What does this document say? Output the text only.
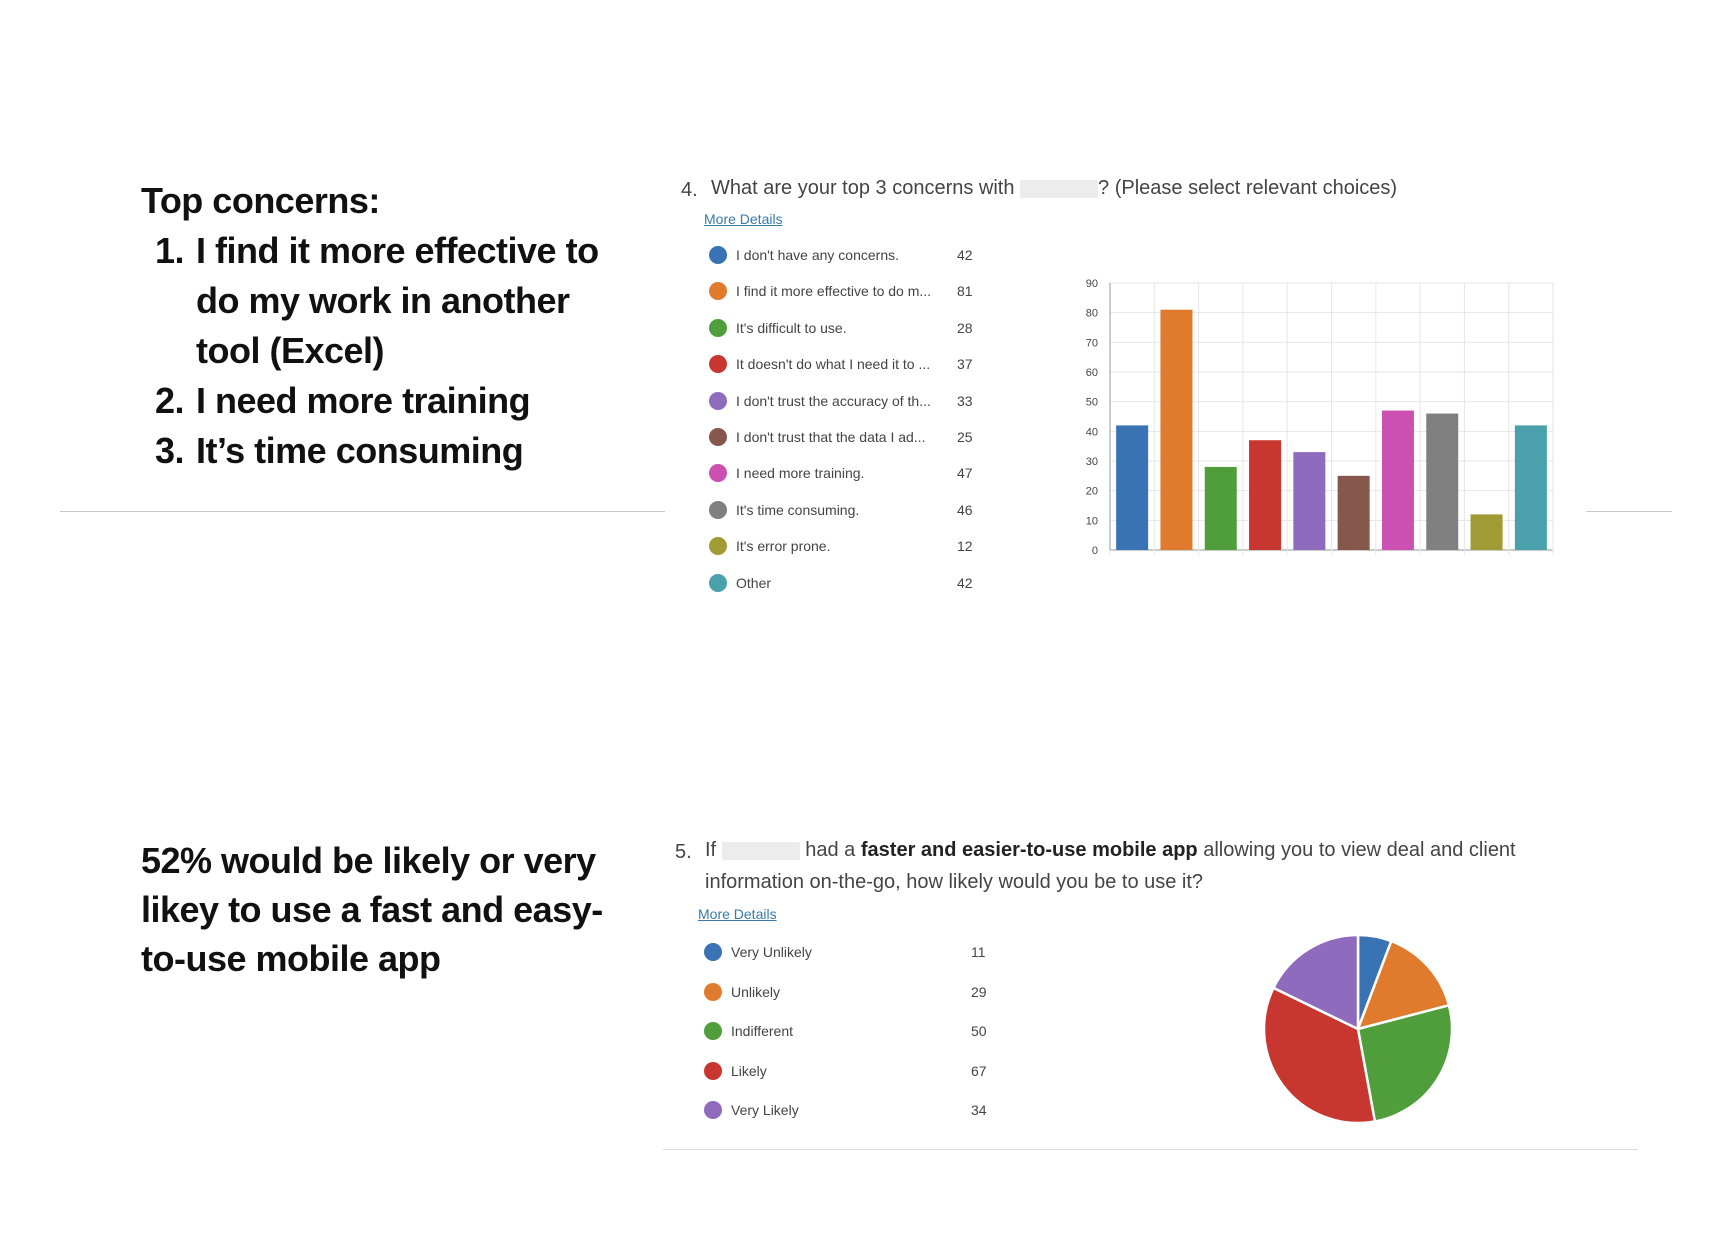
Top concerns:
1. I find it more effective to do my work in another tool (Excel)
2. I need more training
3. It’s time consuming
4. What are your top 3 concerns with	? (Please select relevant choices)
More Details
I don't have any concerns.	42
I find it more effective to do m... 81
It's difficult to use.	28
It doesn't do what I need it to ... 37
I don't trust the accuracy of th... 33
I don't trust that the data I ad... 25
I need more training.	47
It's time consuming.	46
It's error prone.	12
Other	42
0
10
20
30
40
50
60
70
80
90
52% would be likely or very likey to use a fast and easy-to-use mobile app
5. If	had a faster and easier-to-use mobile app allowing you to view deal and client information on-the-go, how likely would you be to use it?
More Details
Very Unlikely	11
Unlikely	29
Indifferent	50
Likely	67
Very Likely	34
